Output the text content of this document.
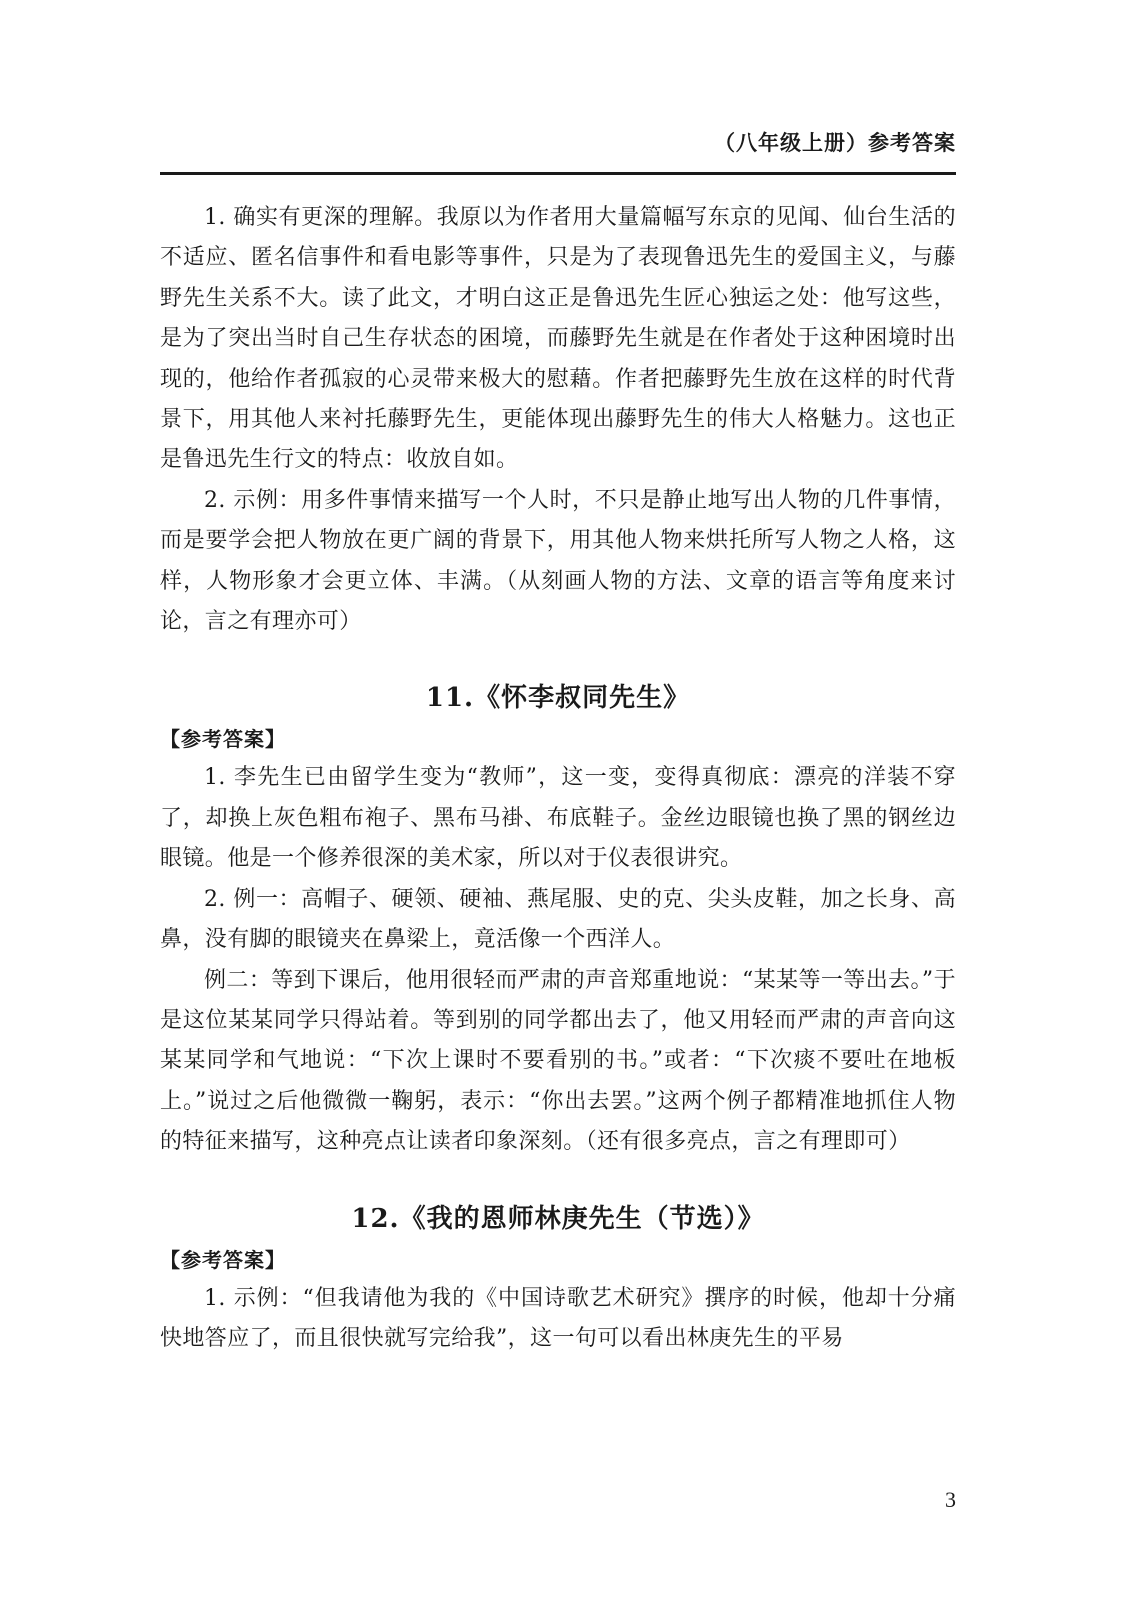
（八年级上册）参考答案

1. 确实有更深的理解。我原以为作者用大量篇幅写东京的见闻、仙台生活的不适应、匿名信事件和看电影等事件，只是为了表现鲁迅先生的爱国主义，与藤野先生关系不大。读了此文，才明白这正是鲁迅先生匠心独运之处：他写这些，是为了突出当时自己生存状态的困境，而藤野先生就是在作者处于这种困境时出现的，他给作者孤寂的心灵带来极大的慰藉。作者把藤野先生放在这样的时代背景下，用其他人来衬托藤野先生，更能体现出藤野先生的伟大人格魅力。这也正是鲁迅先生行文的特点：收放自如。

2. 示例：用多件事情来描写一个人时，不只是静止地写出人物的几件事情，而是要学会把人物放在更广阔的背景下，用其他人物来烘托所写人物之人格，这样，人物形象才会更立体、丰满。（从刻画人物的方法、文章的语言等角度来讨论，言之有理亦可）

11.《怀李叔同先生》

【参考答案】

1. 李先生已由留学生变为“教师”，这一变，变得真彻底：漂亮的洋装不穿了，却换上灰色粗布袍子、黑布马褂、布底鞋子。金丝边眼镜也换了黑的钢丝边眼镜。他是一个修养很深的美术家，所以对于仪表很讲究。

2. 例一：高帽子、硬领、硬袖、燕尾服、史的克、尖头皮鞋，加之长身、高鼻，没有脚的眼镜夹在鼻梁上，竟活像一个西洋人。

例二：等到下课后，他用很轻而严肃的声音郑重地说：“某某等一等出去。”于是这位某某同学只得站着。等到别的同学都出去了，他又用轻而严肃的声音向这某某同学和气地说：“下次上课时不要看别的书。”或者：“下次痰不要吐在地板上。”说过之后他微微一鞠躬，表示：“你出去罢。”这两个例子都精准地抓住人物的特征来描写，这种亮点让读者印象深刻。（还有很多亮点，言之有理即可）

12.《我的恩师林庚先生（节选）》

【参考答案】

1. 示例：“但我请他为我的《中国诗歌艺术研究》撰序的时候，他却十分痛快地答应了，而且很快就写完给我”，这一句可以看出林庚先生的平易

3
